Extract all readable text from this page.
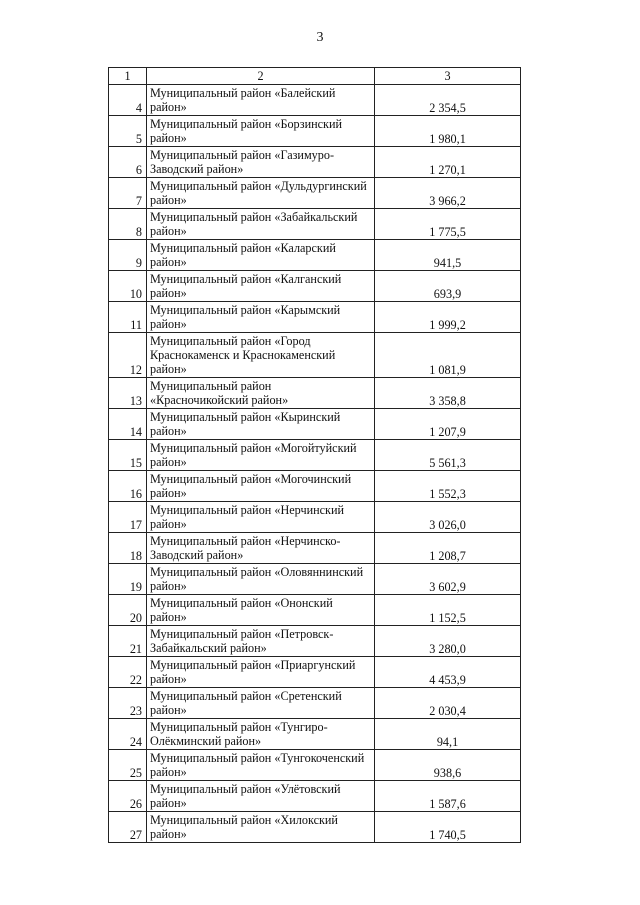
3
1	2	3
4	Муниципальный район «Балейский район»	2 354,5
5	Муниципальный район «Борзинский район»	1 980,1
6	Муниципальный район «Газимуро-Заводский район»	1 270,1
7	Муниципальный район «Дульдургинский район»	3 966,2
8	Муниципальный район «Забайкальский район»	1 775,5
9	Муниципальный район «Каларский район»	941,5
10	Муниципальный район «Калганский район»	693,9
11	Муниципальный район «Карымский район»	1 999,2
12	Муниципальный район «Город Краснокаменск и Краснокаменский район»	1 081,9
13	Муниципальный район «Красночикойский район»	3 358,8
14	Муниципальный район «Кыринский район»	1 207,9
15	Муниципальный район «Могойтуйский район»	5 561,3
16	Муниципальный район «Могочинский район»	1 552,3
17	Муниципальный район «Нерчинский район»	3 026,0
18	Муниципальный район «Нерчинско-Заводский район»	1 208,7
19	Муниципальный район «Оловяннинский район»	3 602,9
20	Муниципальный район «Ононский район»	1 152,5
21	Муниципальный район «Петровск-Забайкальский район»	3 280,0
22	Муниципальный район «Приаргунский район»	4 453,9
23	Муниципальный район «Сретенский район»	2 030,4
24	Муниципальный район «Тунгиро-Олёкминский район»	94,1
25	Муниципальный район «Тунгокоченский район»	938,6
26	Муниципальный район «Улётовский район»	1 587,6
27	Муниципальный район «Хилокский район»	1 740,5
